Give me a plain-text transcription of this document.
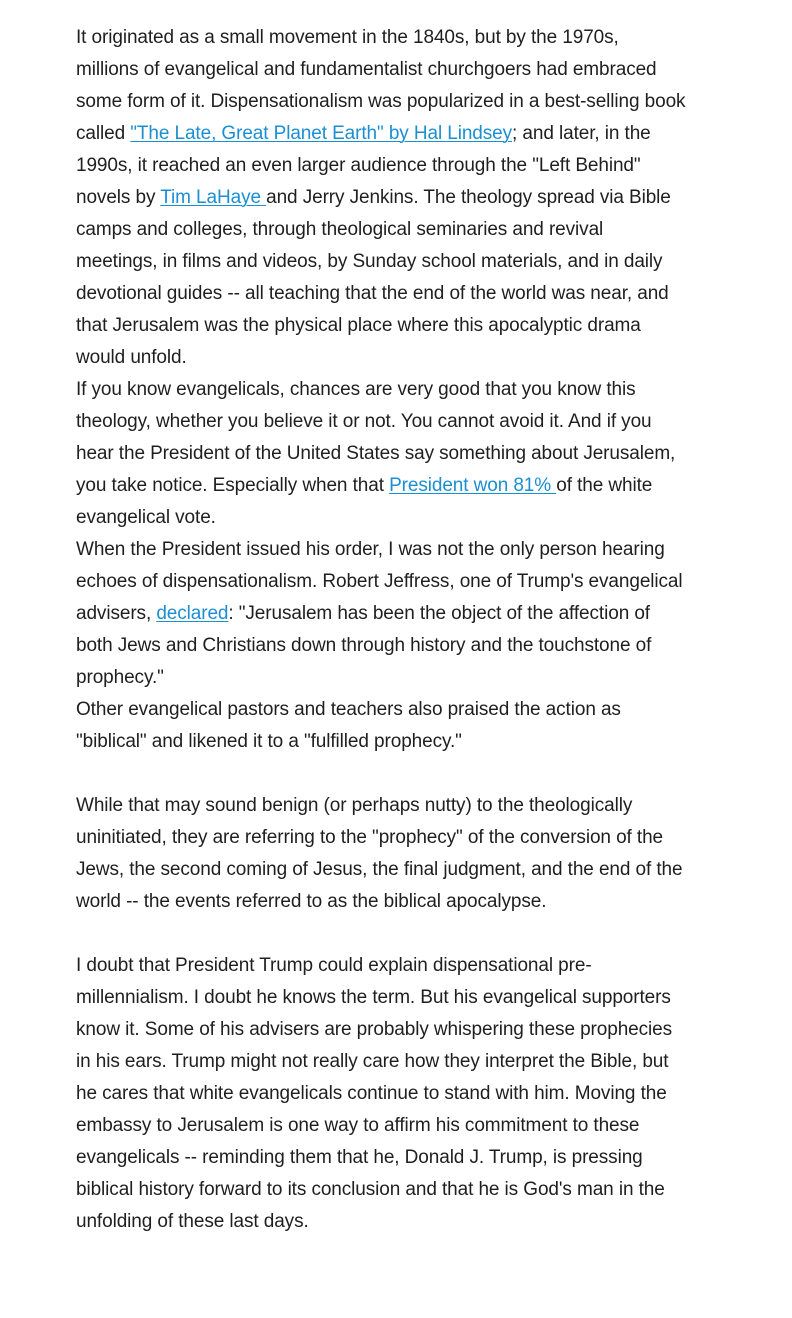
It originated as a small movement in the 1840s, but by the 1970s, millions of evangelical and fundamentalist churchgoers had embraced some form of it. Dispensationalism was popularized in a best-selling book called "The Late, Great Planet Earth" by Hal Lindsey; and later, in the 1990s, it reached an even larger audience through the "Left Behind" novels by Tim LaHaye and Jerry Jenkins. The theology spread via Bible camps and colleges, through theological seminaries and revival meetings, in films and videos, by Sunday school materials, and in daily devotional guides -- all teaching that the end of the world was near, and that Jerusalem was the physical place where this apocalyptic drama would unfold.

If you know evangelicals, chances are very good that you know this theology, whether you believe it or not. You cannot avoid it. And if you hear the President of the United States say something about Jerusalem, you take notice. Especially when that President won 81% of the white evangelical vote.

When the President issued his order, I was not the only person hearing echoes of dispensationalism. Robert Jeffress, one of Trump's evangelical advisers, declared: "Jerusalem has been the object of the affection of both Jews and Christians down through history and the touchstone of prophecy."

Other evangelical pastors and teachers also praised the action as "biblical" and likened it to a "fulfilled prophecy."

While that may sound benign (or perhaps nutty) to the theologically uninitiated, they are referring to the "prophecy" of the conversion of the Jews, the second coming of Jesus, the final judgment, and the end of the world -- the events referred to as the biblical apocalypse.

I doubt that President Trump could explain dispensational pre-millennialism. I doubt he knows the term. But his evangelical supporters know it. Some of his advisers are probably whispering these prophecies in his ears. Trump might not really care how they interpret the Bible, but he cares that white evangelicals continue to stand with him. Moving the embassy to Jerusalem is one way to affirm his commitment to these evangelicals -- reminding them that he, Donald J. Trump, is pressing biblical history forward to its conclusion and that he is God's man in the unfolding of these last days.
